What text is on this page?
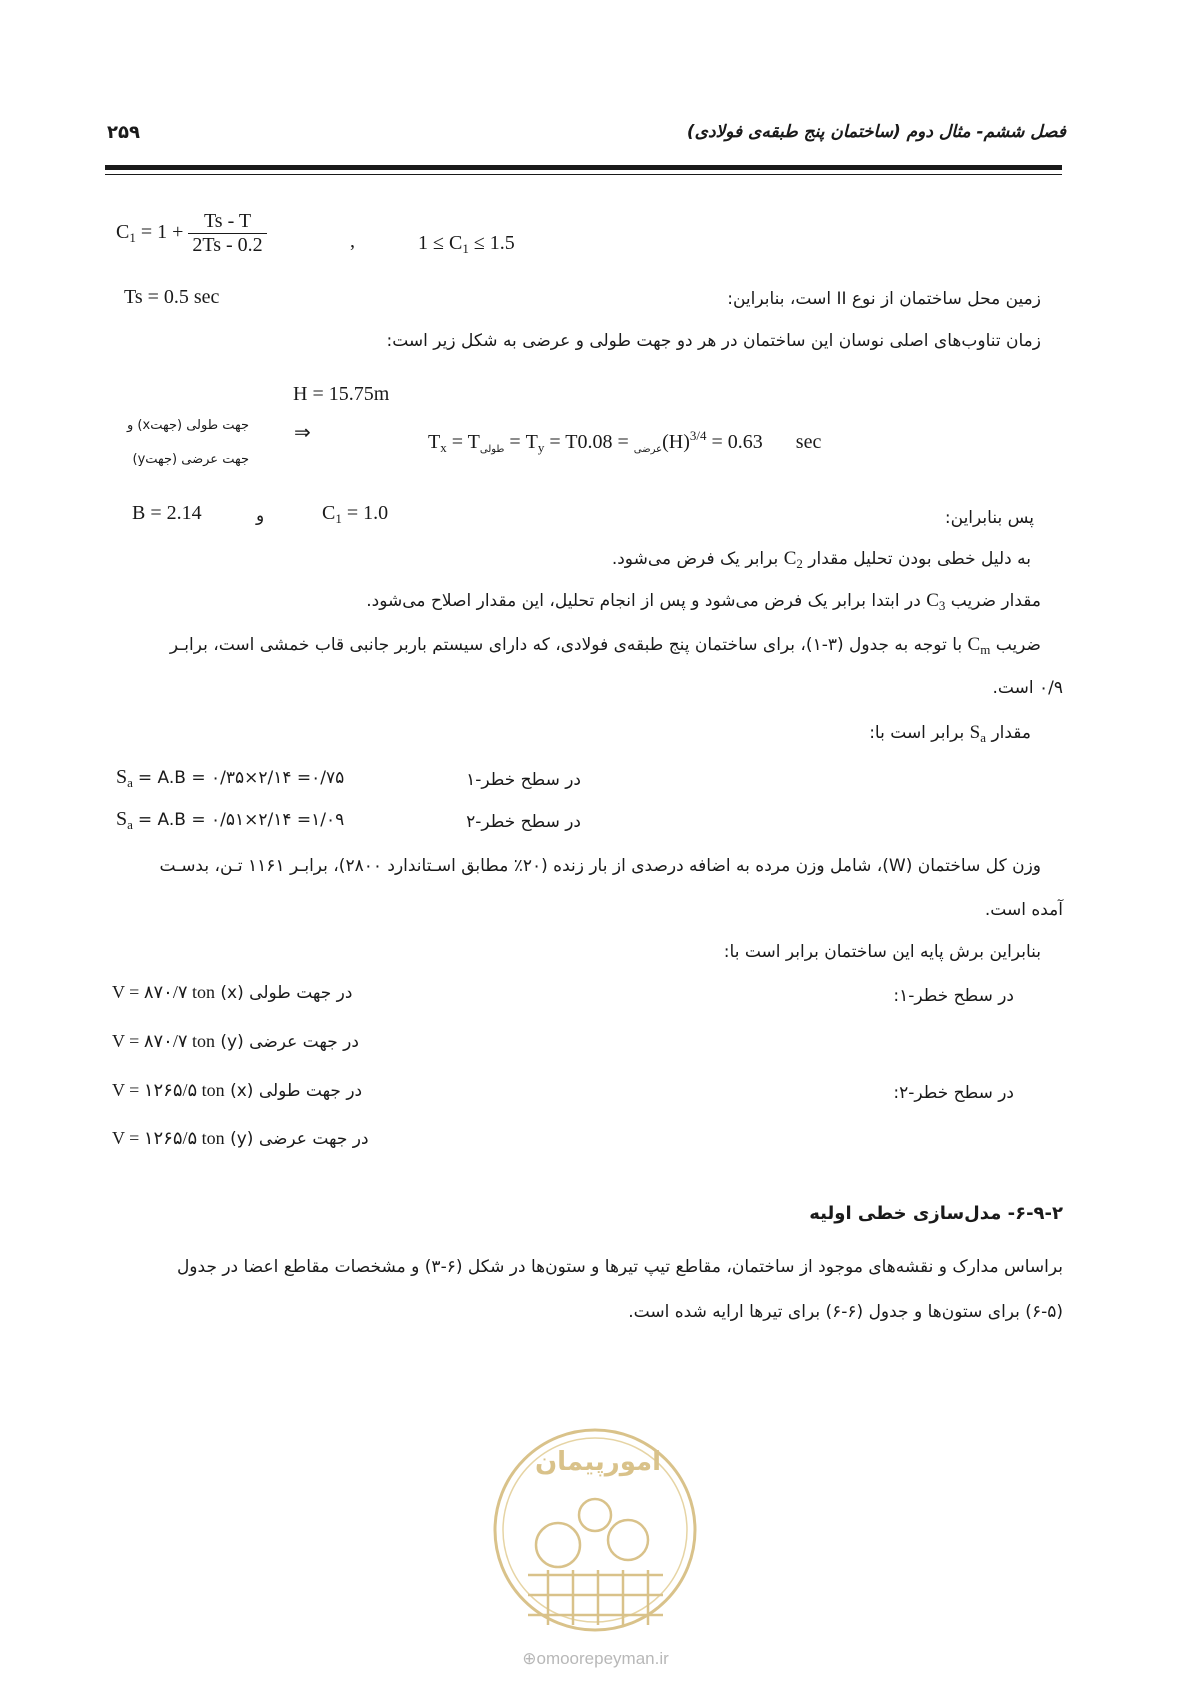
فصل ششم- مثال دوم (ساختمان پنج طبقه‌ی فولادی)
۲۵۹
$C_1 = 1 + \frac{Ts - T}{2Ts - 0.2}$	,	$1 \le C_1 \le 1.5$
Ts = 0.5 sec	زمین محل ساختمان از نوع II است، بنابراین:
زمان تناوب‌های اصلی نوسان این ساختمان در هر دو جهت طولی و عرضی به شکل زیر است:
H = 15.75m
جهت طولی (جهتx) و
جهت عرضی (جهتy)
⇒	$T_x = T_{طولی} = T_y = T$	$_{عرضی} = 0.08(H)^{3/4} = 0.63$ sec
B = 2.14	و	$C_1 = 1.0$	پس بنابراین:
به دلیل خطی بودن تحلیل مقدار $C_2$ برابر یک فرض می‌شود.
مقدار ضریب $C_3$ در ابتدا برابر یک فرض می‌شود و پس از انجام تحلیل، این مقدار اصلاح می‌شود.
ضریب $C_m$ با توجه به جدول (۳-۱)، برای ساختمان پنج طبقه‌ی فولادی، که دارای سیستم باربر جانبی قاب خمشی است، برابـر
۰/۹ است.
مقدار $S_a$ برابر است با:
$S_a = A.B$ = ۰/۳۵×۲/۱۴ =۰/۷۵	در سطح خطر-۱
$S_a = A.B$ = ۰/۵۱×۲/۱۴ =۱/۰۹	در سطح خطر-۲
وزن کل ساختمان (W)، شامل وزن مرده به اضافه درصدی از بار زنده (۲۰٪ مطابق اسـتاندارد ۲۸۰۰)، برابـر ۱۱۶۱ تـن، بدسـت
آمده است.
بنابراین برش پایه این ساختمان برابر است با:
در سطح خطر-۱:
در سطح خطر-۲:
در جهت طولی (x) V = ۸۷۰/۷ ton
در جهت عرضی (y) V = ۸۷۰/۷ ton
در جهت طولی (x) V = ۱۲۶۵/۵ ton
در جهت عرضی (y) V = ۱۲۶۵/۵ ton
۶-۹-۲- مدل‌سازی خطی اولیه
براساس مدارک و نقشه‌های موجود از ساختمان، مقاطع تیپ تیرها و ستون‌ها در شکل (۶-۳) و مشخصات مقاطع اعضا در جدول
(۶-۵) برای ستون‌ها و جدول (۶-۶) برای تیرها ارایه شده است.
امورپیمان
⊕omoorepeyman.ir
